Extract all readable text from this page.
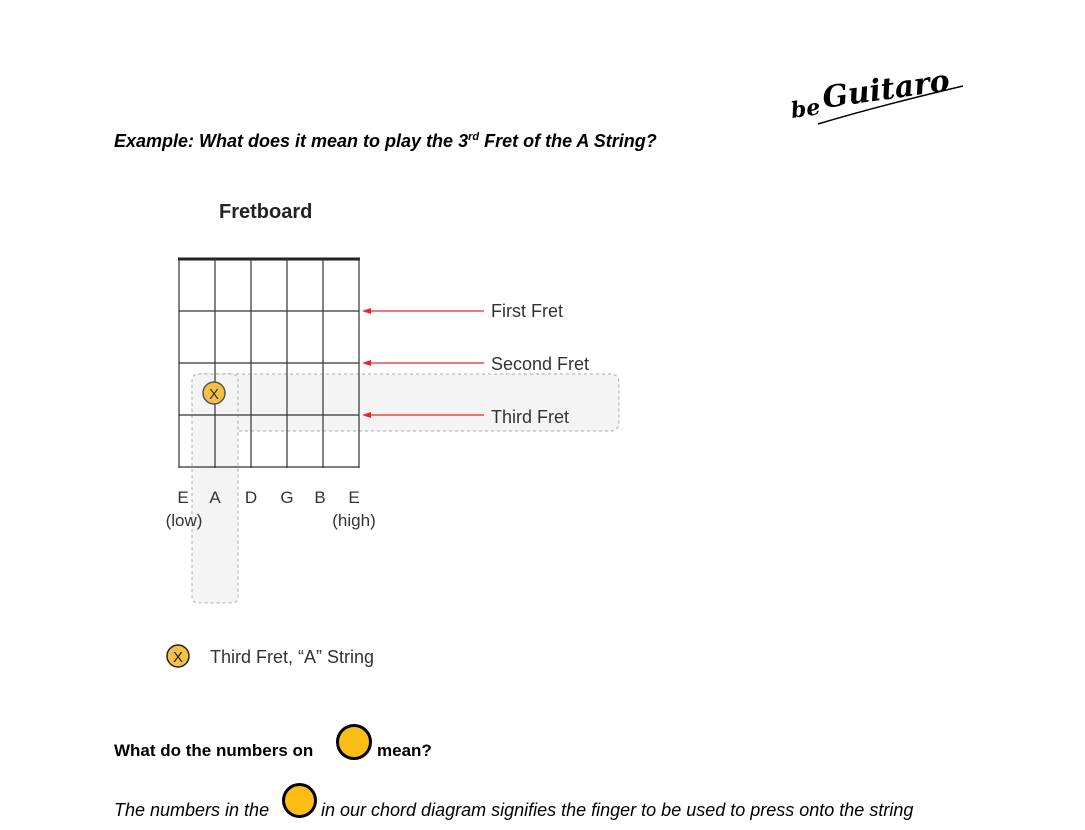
be
Guitaro
Example: What does it mean to play the 3rd Fret of the A String?
Fretboard
First Fret
Second Fret
Third Fret
X
E A D G B E
(low)	(high)
X Third Fret, “A” String
What do the numbers on	mean?
The numbers in the	in our chord diagram signifies the finger to be used to press onto the string
